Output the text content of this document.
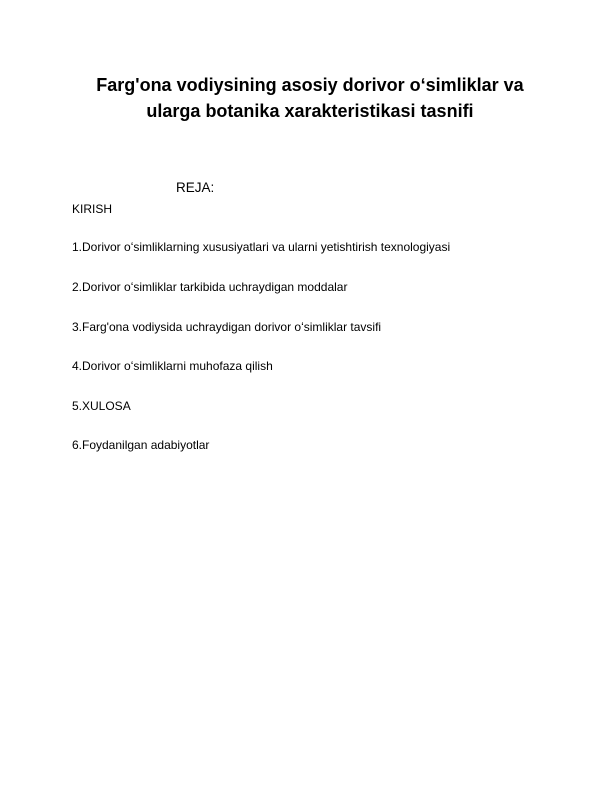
Farg'ona vodiysining asosiy dorivor oʻsimliklar va
ularga botanika xarakteristikasi tasnifi

REJA:

KIRISH
1.Dorivor oʻsimliklarning xususiyatlari va ularni yetishtirish texnologiyasi
2.Dorivor oʻsimliklar tarkibida uchraydigan moddalar
3.Farg'ona vodiysida uchraydigan dorivor oʻsimliklar tavsifi
4.Dorivor oʻsimliklarni muhofaza qilish
5.XULOSA
6.Foydanilgan adabiyotlar
